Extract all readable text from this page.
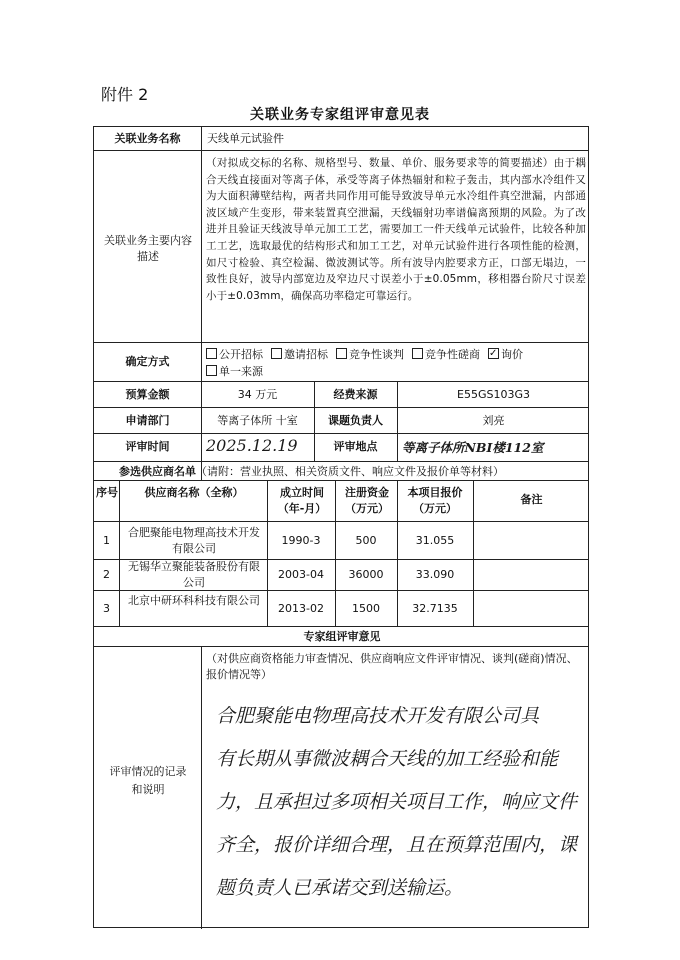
附件 2
关联业务专家组评审意见表
关联业务名称	天线单元试验件
关联业务主要内容描述
（对拟成交标的名称、规格型号、数量、单价、服务要求等的简要描述）由于耦合天线直接面对等离子体，承受等离子体热辐射和粒子轰击，其内部水冷组件又为大面积薄壁结构，两者共同作用可能导致波导单元水冷组件真空泄漏，内部通波区域产生变形，带来装置真空泄漏，天线辐射功率谱偏离预期的风险。为了改进并且验证天线波导单元加工工艺，需要加工一件天线单元试验件，比较各种加工工艺，选取最优的结构形式和加工工艺，对单元试验件进行各项性能的检测，如尺寸检验、真空检漏、微波测试等。所有波导内腔要求方正，口部无塌边，一致性良好，波导内部宽边及窄边尺寸误差小于±0.05mm，移相器台阶尺寸误差小于±0.03mm，确保高功率稳定可靠运行。
确定方式
公开招标 邀请招标 竞争性谈判 竞争性磋商✓ 询价
单一来源
预算金额	34 万元	经费来源	E55GS103G3
申请部门	等离子体所 十室	课题负责人	刘亮
评审时间	2025.12.19	评审地点	等离子体所NBI楼112室
参选供应商名单（请附：营业执照、相关资质文件、响应文件及报价单等材料）
序号	供应商名称（全称）	成立时间（年-月）
注册资金（万元）
本项目报价（万元）
备注
1
合肥聚能电物理高技术开发有限公司
1990-3	500	31.055
2
无锡华立聚能装备股份有限公司
2003-04	36000	33.090
3
北京中研环科科技有限公司
2013-02	1500	32.7135
专家组评审意见
评审情况的记录和说明
（对供应商资格能力审查情况、供应商响应文件评审情况、谈判(磋商)情况、报价情况等）
合肥聚能电物理高技术开发有限公司具
有长期从事微波耦合天线的加工经验和能
力，且承担过多项相关项目工作，响应文件
齐全，报价详细合理，且在预算范围内，课
题负责人已承诺交到送输运。
